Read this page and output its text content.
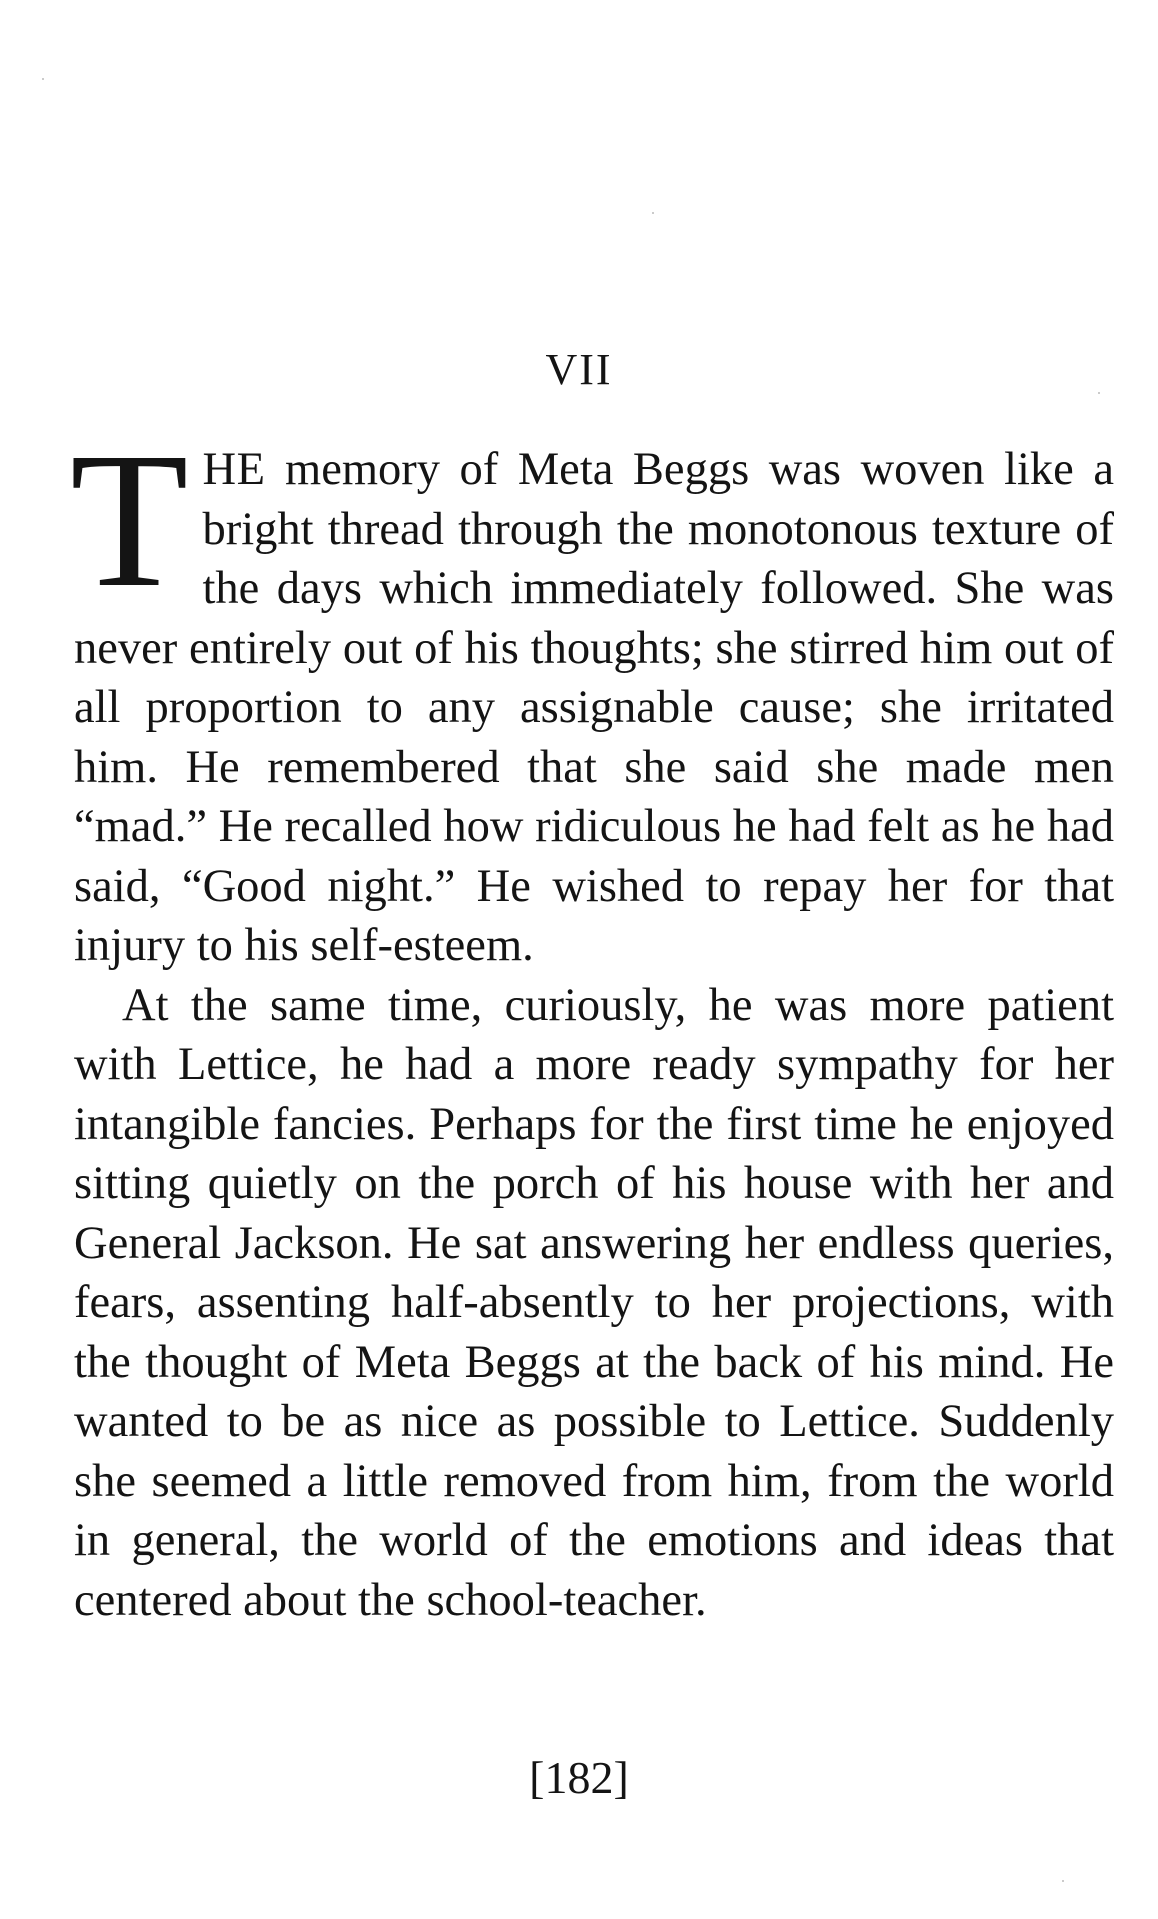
VII

THE memory of Meta Beggs was woven like a bright thread through the monotonous texture of the days which immediately followed. She was never entirely out of his thoughts; she stirred him out of all proportion to any assignable cause; she irritated him. He remembered that she said she made men “mad.” He recalled how ridiculous he had felt as he had said, “Good night.” He wished to repay her for that injury to his self-esteem.

At the same time, curiously, he was more patient with Lettice, he had a more ready sympathy for her intangible fancies. Perhaps for the first time he enjoyed sitting quietly on the porch of his house with her and General Jackson. He sat answering her endless queries, fears, assenting half-absently to her projections, with the thought of Meta Beggs at the back of his mind. He wanted to be as nice as possible to Lettice. Suddenly she seemed a little removed from him, from the world in general, the world of the emotions and ideas that centered about the school-teacher.

[182]
